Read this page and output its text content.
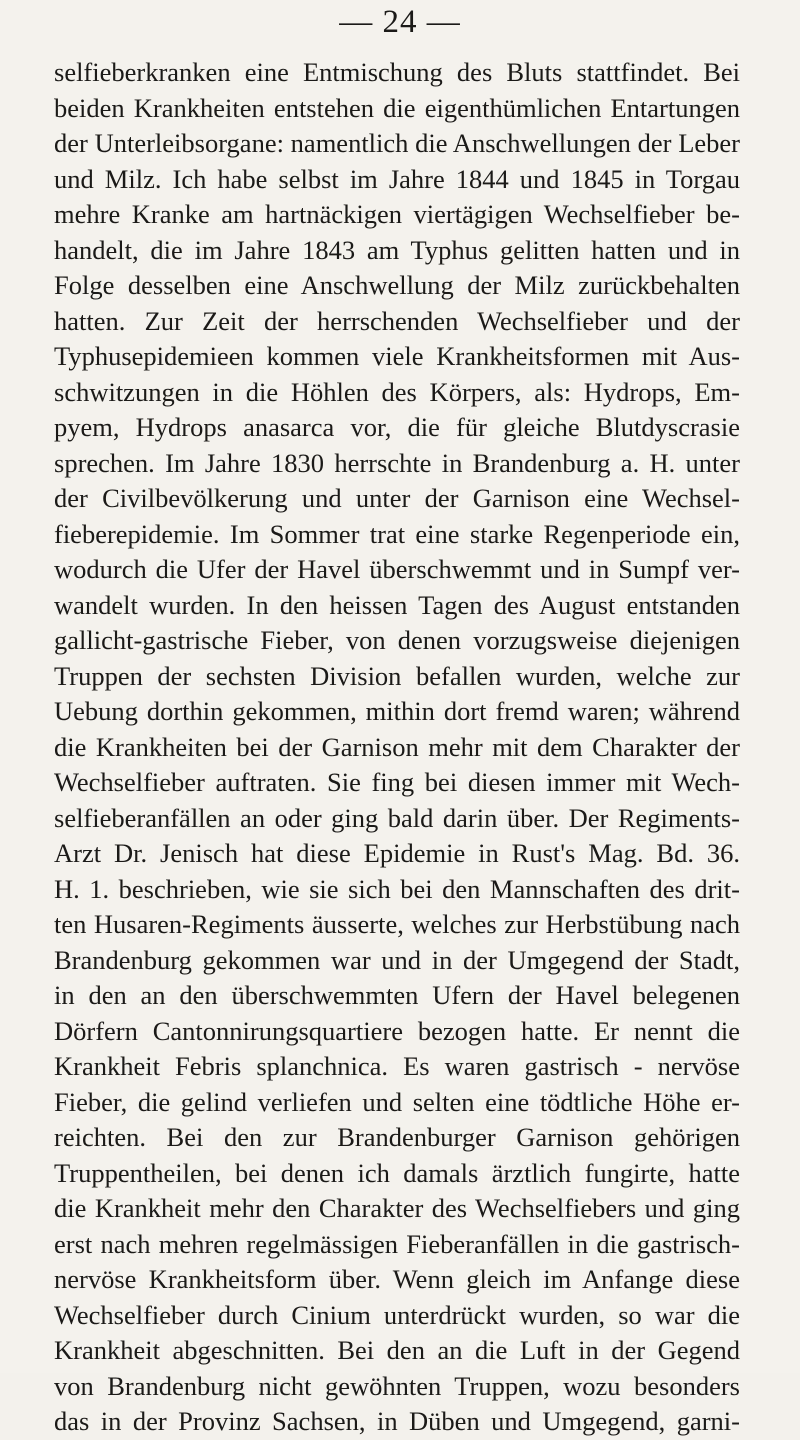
— 24 —
selfieberkranken eine Entmischung des Bluts stattfindet. Bei
beiden Krankheiten entstehen die eigenthümlichen Entartungen
der Unterleibsorgane: namentlich die Anschwellungen der Leber
und Milz. Ich habe selbst im Jahre 1844 und 1845 in Torgau
mehre Kranke am hartnäckigen viertägigen Wechselfieber be-
handelt, die im Jahre 1843 am Typhus gelitten hatten und in
Folge desselben eine Anschwellung der Milz zurückbehalten
hatten. Zur Zeit der herrschenden Wechselfieber und der
Typhusepidemieen kommen viele Krankheitsformen mit Aus-
schwitzungen in die Höhlen des Körpers, als: Hydrops, Em-
pyem, Hydrops anasarca vor, die für gleiche Blutdyscrasie
sprechen. Im Jahre 1830 herrschte in Brandenburg a. H. unter
der Civilbevölkerung und unter der Garnison eine Wechsel-
fieberepidemie. Im Sommer trat eine starke Regenperiode ein,
wodurch die Ufer der Havel überschwemmt und in Sumpf ver-
wandelt wurden. In den heissen Tagen des August entstanden
gallicht-gastrische Fieber, von denen vorzugsweise diejenigen
Truppen der sechsten Division befallen wurden, welche zur
Uebung dorthin gekommen, mithin dort fremd waren; während
die Krankheiten bei der Garnison mehr mit dem Charakter der
Wechselfieber auftraten. Sie fing bei diesen immer mit Wech-
selfieberanfällen an oder ging bald darin über. Der Regiments-
Arzt Dr. Jenisch hat diese Epidemie in Rust's Mag. Bd. 36.
H. 1. beschrieben, wie sie sich bei den Mannschaften des drit-
ten Husaren-Regiments äusserte, welches zur Herbstübung nach
Brandenburg gekommen war und in der Umgegend der Stadt,
in den an den überschwemmten Ufern der Havel belegenen
Dörfern Cantonnirungsquartiere bezogen hatte. Er nennt die
Krankheit Febris splanchnica. Es waren gastrisch - nervöse
Fieber, die gelind verliefen und selten eine tödtliche Höhe er-
reichten. Bei den zur Brandenburger Garnison gehörigen
Truppentheilen, bei denen ich damals ärztlich fungirte, hatte
die Krankheit mehr den Charakter des Wechselfiebers und ging
erst nach mehren regelmässigen Fieberanfällen in die gastrisch-
nervöse Krankheitsform über. Wenn gleich im Anfange diese
Wechselfieber durch Cinium unterdrückt wurden, so war die
Krankheit abgeschnitten. Bei den an die Luft in der Gegend
von Brandenburg nicht gewöhnten Truppen, wozu besonders
das in der Provinz Sachsen, in Düben und Umgegend, garni-
